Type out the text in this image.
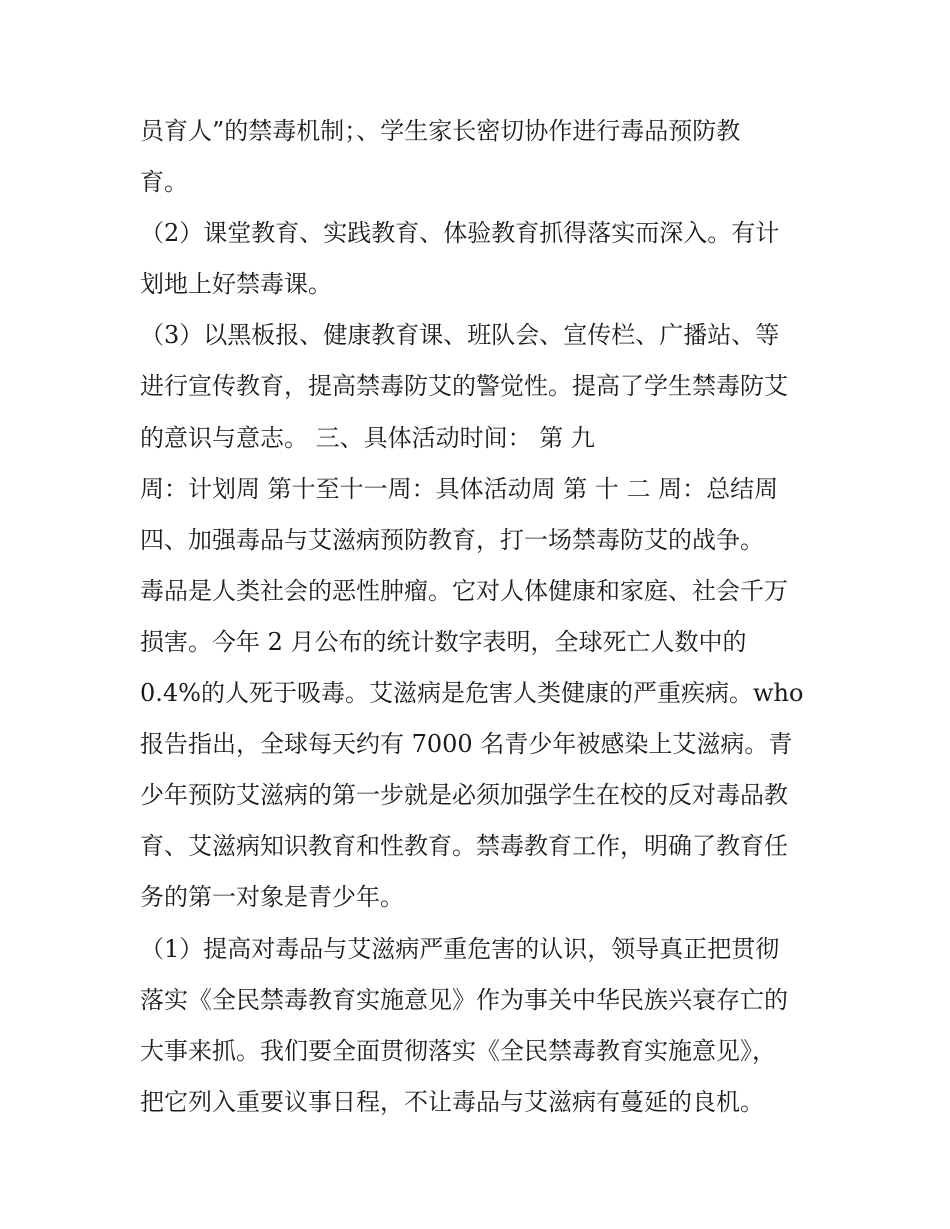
员育人”的禁毒机制；、学生家长密切协作进行毒品预防教
育。
（2）课堂教育、实践教育、体验教育抓得落实而深入。有计
划地上好禁毒课。
（3）以黑板报、健康教育课、班队会、宣传栏、广播站、等
进行宣传教育，提高禁毒防艾的警觉性。提高了学生禁毒防艾
的意识与意志。 三、具体活动时间： 第 九
周：计划周 第十至十一周：具体活动周 第 十 二 周：总结周
四、加强毒品与艾滋病预防教育，打一场禁毒防艾的战争。
毒品是人类社会的恶性肿瘤。它对人体健康和家庭、社会千万
损害。今年 2 月公布的统计数字表明，全球死亡人数中的
0.4%的人死于吸毒。艾滋病是危害人类健康的严重疾病。who
报告指出，全球每天约有 7000 名青少年被感染上艾滋病。青
少年预防艾滋病的第一步就是必须加强学生在校的反对毒品教
育、艾滋病知识教育和性教育。禁毒教育工作，明确了教育任
务的第一对象是青少年。
（1）提高对毒品与艾滋病严重危害的认识，领导真正把贯彻
落实《全民禁毒教育实施意见》作为事关中华民族兴衰存亡的
大事来抓。我们要全面贯彻落实《全民禁毒教育实施意见》，
把它列入重要议事日程，不让毒品与艾滋病有蔓延的良机。
